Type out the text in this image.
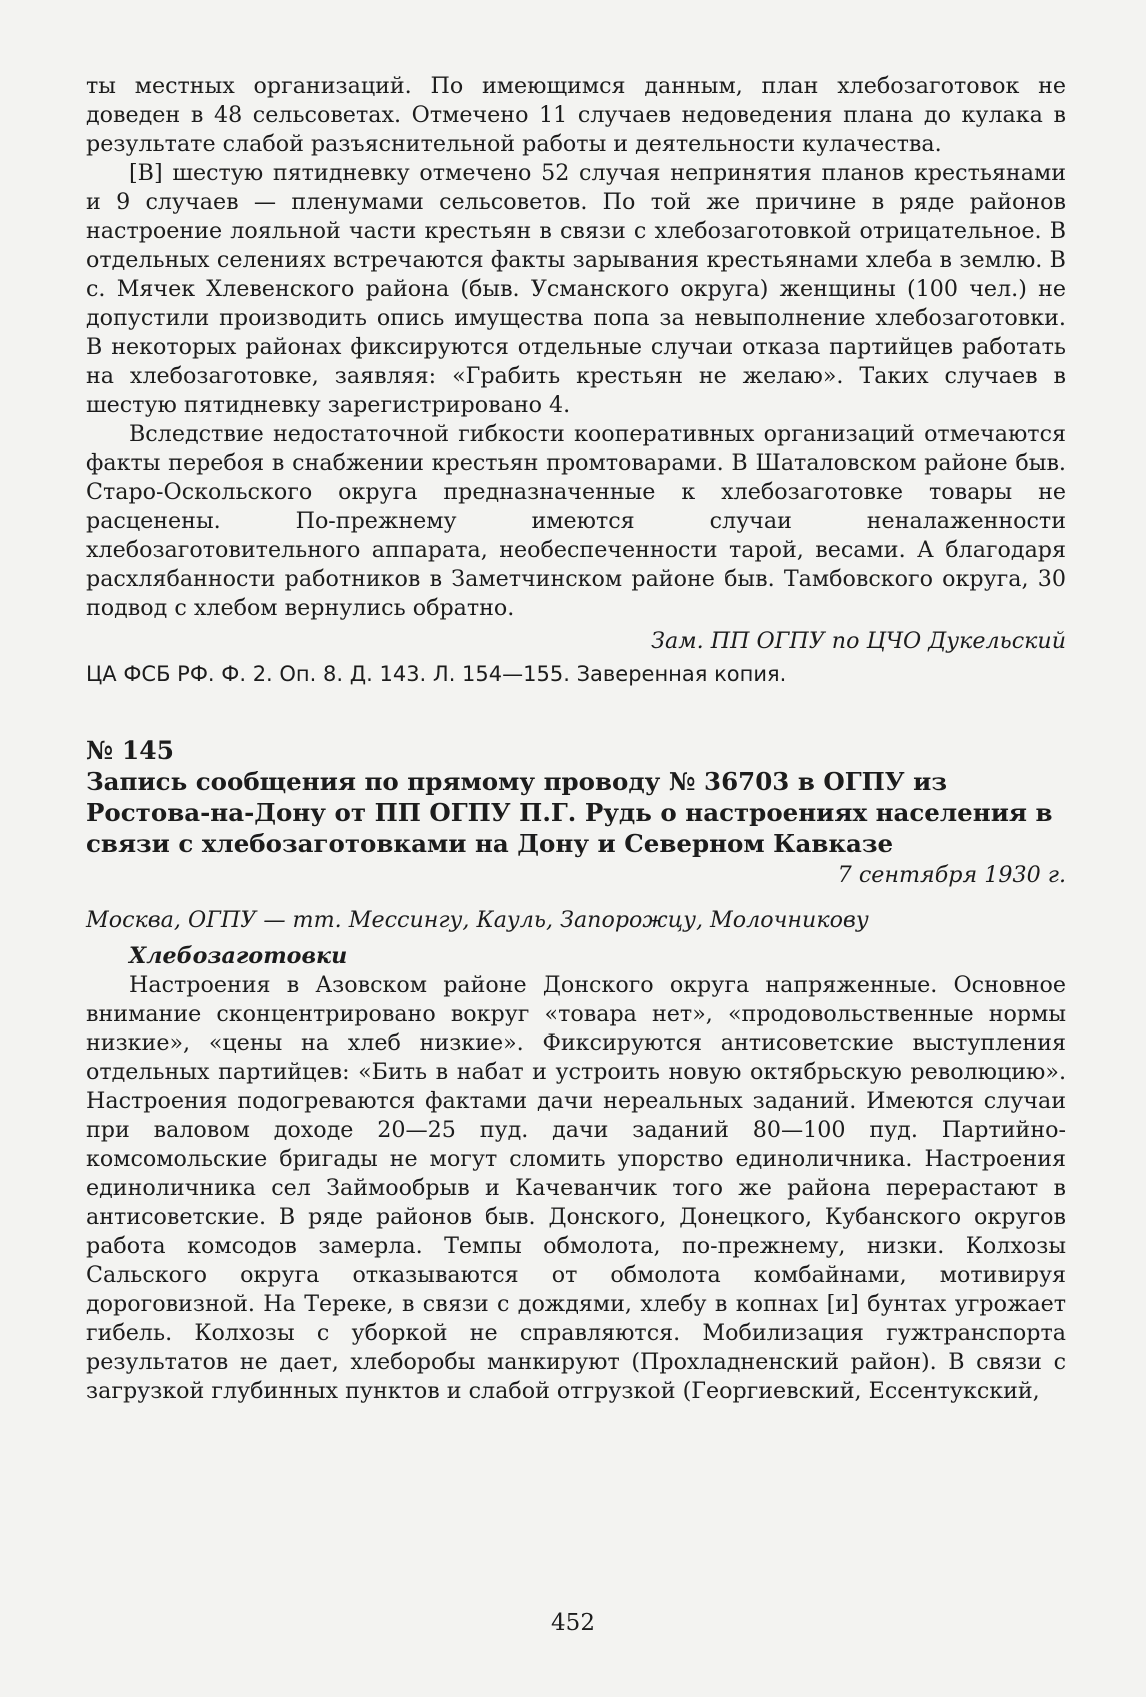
ты местных организаций. По имеющимся данным, план хлебозаготовок не доведен в 48 сельсоветах. Отмечено 11 случаев недоведения плана до кулака в результате слабой разъяснительной работы и деятельности кулачества.

[В] шестую пятидневку отмечено 52 случая непринятия планов крестьянами и 9 случаев — пленумами сельсоветов. По той же причине в ряде районов настроение лояльной части крестьян в связи с хлебозаготовкой отрицательное. В отдельных селениях встречаются факты зарывания крестьянами хлеба в землю. В с. Мячек Хлевенского района (быв. Усманского округа) женщины (100 чел.) не допустили производить опись имущества попа за невыполнение хлебозаготовки. В некоторых районах фиксируются отдельные случаи отказа партийцев работать на хлебозаготовке, заявляя: «Грабить крестьян не желаю». Таких случаев в шестую пятидневку зарегистрировано 4.

Вследствие недостаточной гибкости кооперативных организаций отмечаются факты перебоя в снабжении крестьян промтоварами. В Шаталовском районе быв. Старо-Оскольского округа предназначенные к хлебозаготовке товары не расценены. По-прежнему имеются случаи неналаженности хлебозаготовительного аппарата, необеспеченности тарой, весами. А благодаря расхлябанности работников в Заметчинском районе быв. Тамбовского округа, 30 подвод с хлебом вернулись обратно.

Зам. ПП ОГПУ по ЦЧО Дукельский

ЦА ФСБ РФ. Ф. 2. Оп. 8. Д. 143. Л. 154—155. Заверенная копия.

№ 145

Запись сообщения по прямому проводу № 36703 в ОГПУ из Ростова-на-Дону от ПП ОГПУ П.Г. Рудь о настроениях населения в связи с хлебозаготовками на Дону и Северном Кавказе

7 сентября 1930 г.

Москва, ОГПУ — тт. Мессингу, Кауль, Запорожцу, Молочникову

Хлебозаготовки

Настроения в Азовском районе Донского округа напряженные. Основное внимание сконцентрировано вокруг «товара нет», «продовольственные нормы низкие», «цены на хлеб низкие». Фиксируются антисоветские выступления отдельных партийцев: «Бить в набат и устроить новую октябрьскую революцию». Настроения подогреваются фактами дачи нереальных заданий. Имеются случаи при валовом доходе 20—25 пуд. дачи заданий 80—100 пуд. Партийно-комсомольские бригады не могут сломить упорство единоличника. Настроения единоличника сел Займообрыв и Качеванчик того же района перерастают в антисоветские. В ряде районов быв. Донского, Донецкого, Кубанского округов работа комсодов замерла. Темпы обмолота, по-прежнему, низки. Колхозы Сальского округа отказываются от обмолота комбайнами, мотивируя дороговизной. На Тереке, в связи с дождями, хлебу в копнах [и] бунтах угрожает гибель. Колхозы с уборкой не справляются. Мобилизация гужтранспорта результатов не дает, хлеборобы манкируют (Прохладненский район). В связи с загрузкой глубинных пунктов и слабой отгрузкой (Георгиевский, Ессентукский,

452
